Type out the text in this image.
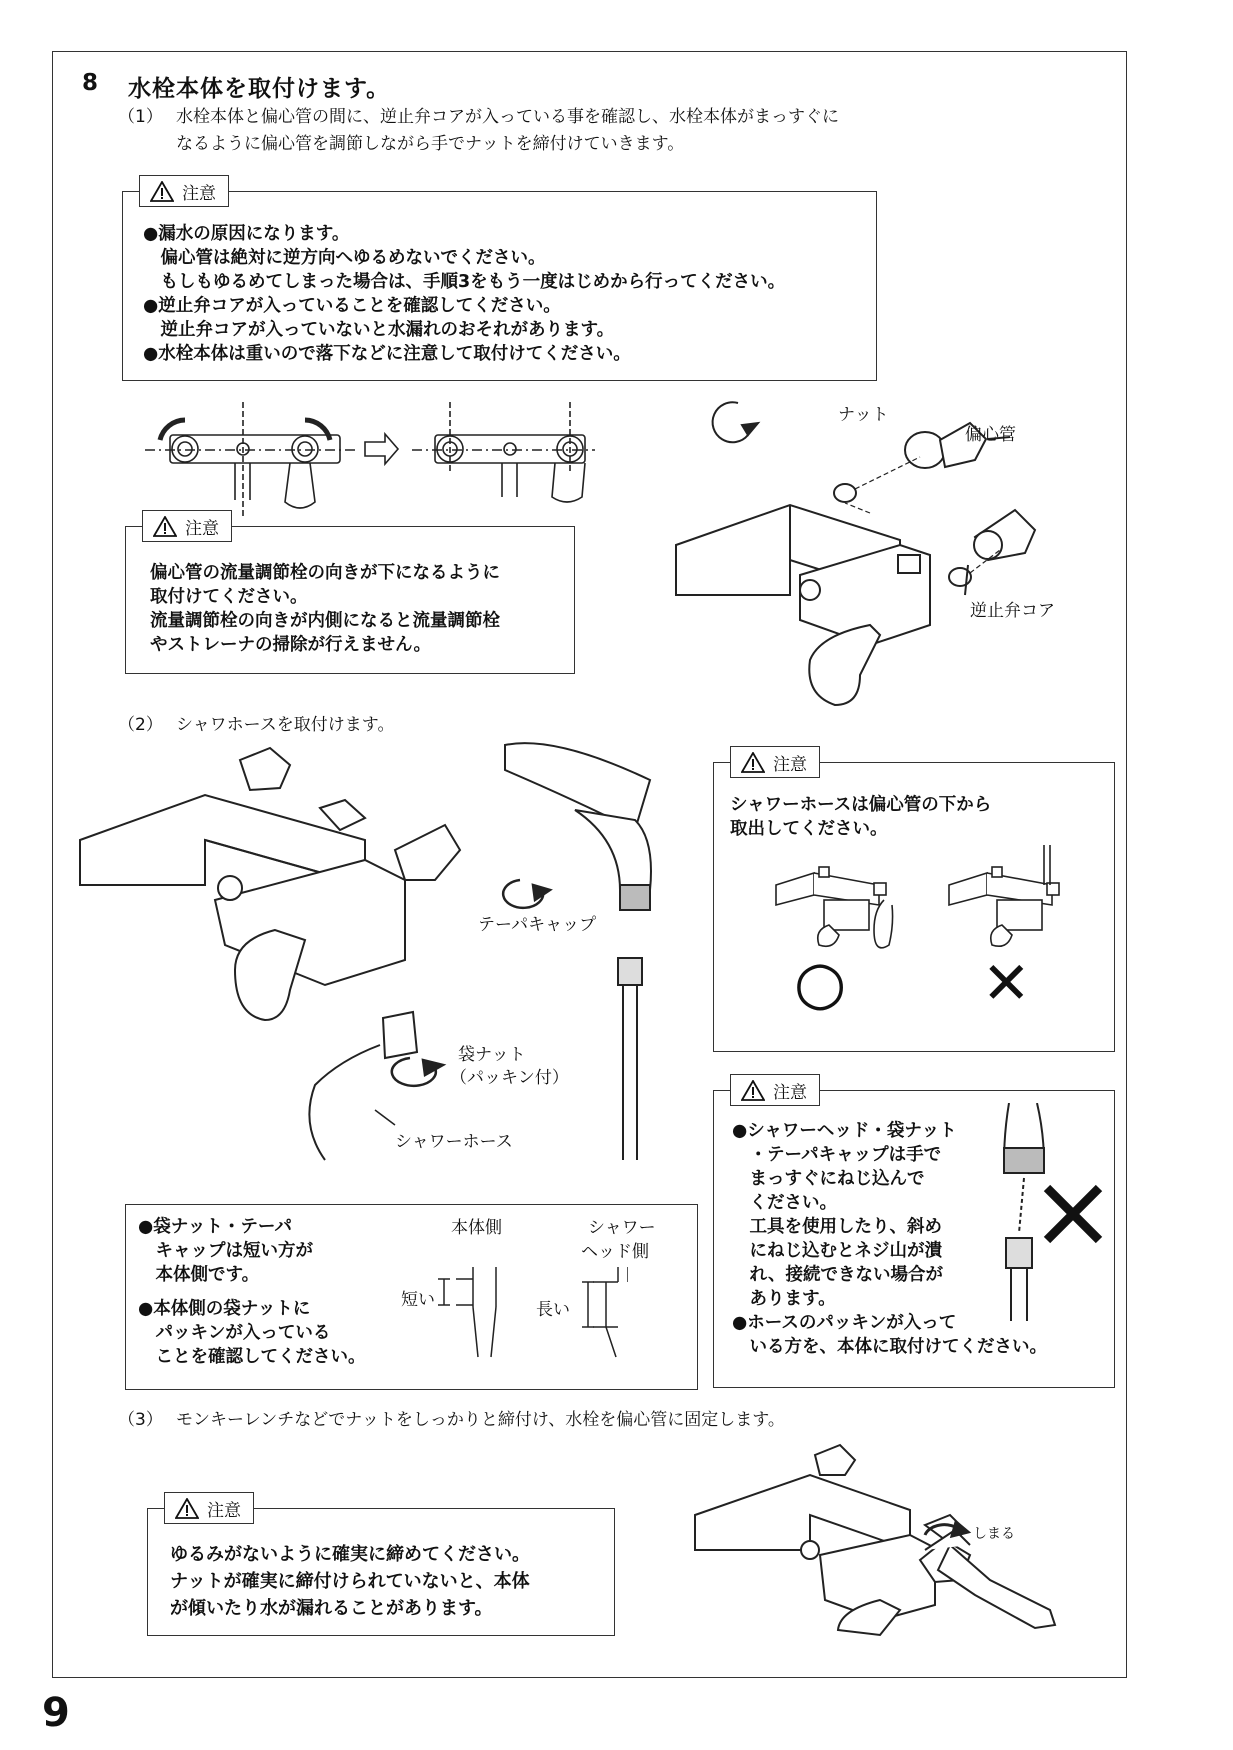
8 水栓本体を取付けます。
（1） 水栓本体と偏心管の間に、逆止弁コアが入っている事を確認し、水栓本体がまっすぐに
なるように偏心管を調節しながら手でナットを締付けていきます。
注意
●漏水の原因になります。
　偏心管は絶対に逆方向へゆるめないでください。
　もしもゆるめてしまった場合は、手順3をもう一度はじめから行ってください。
●逆止弁コアが入っていることを確認してください。
　逆止弁コアが入っていないと水漏れのおそれがあります。
●水栓本体は重いので落下などに注意して取付けてください。
注意
偏心管の流量調節栓の向きが下になるように
取付けてください。
流量調節栓の向きが内側になると流量調節栓
やストレーナの掃除が行えません。
ナット
偏心管
逆止弁コア
（2） シャワホースを取付けます。
テーパキャップ
袋ナット
（パッキン付）
シャワーホース
注意
シャワーホースは偏心管の下から
取出してください。
○ ✕
注意
●シャワーヘッド・袋ナット
　・テーパキャップは手で
　まっすぐにねじ込んで
　ください。
　工具を使用したり、斜め
　にねじ込むとネジ山が潰
　れ、接続できない場合が
　あります。
●ホースのパッキンが入って
　いる方を、本体に取付けてください。
●袋ナット・テーパ
　キャップは短い方が
　本体側です。
●本体側の袋ナットに
　パッキンが入っている
　ことを確認してください。
本体側	シャワー
ヘッド側
短い	長い
（3） モンキーレンチなどでナットをしっかりと締付け、水栓を偏心管に固定します。
注意
ゆるみがないように確実に締めてください。
ナットが確実に締付けられていないと、本体
が傾いたり水が漏れることがあります。
しまる
9
